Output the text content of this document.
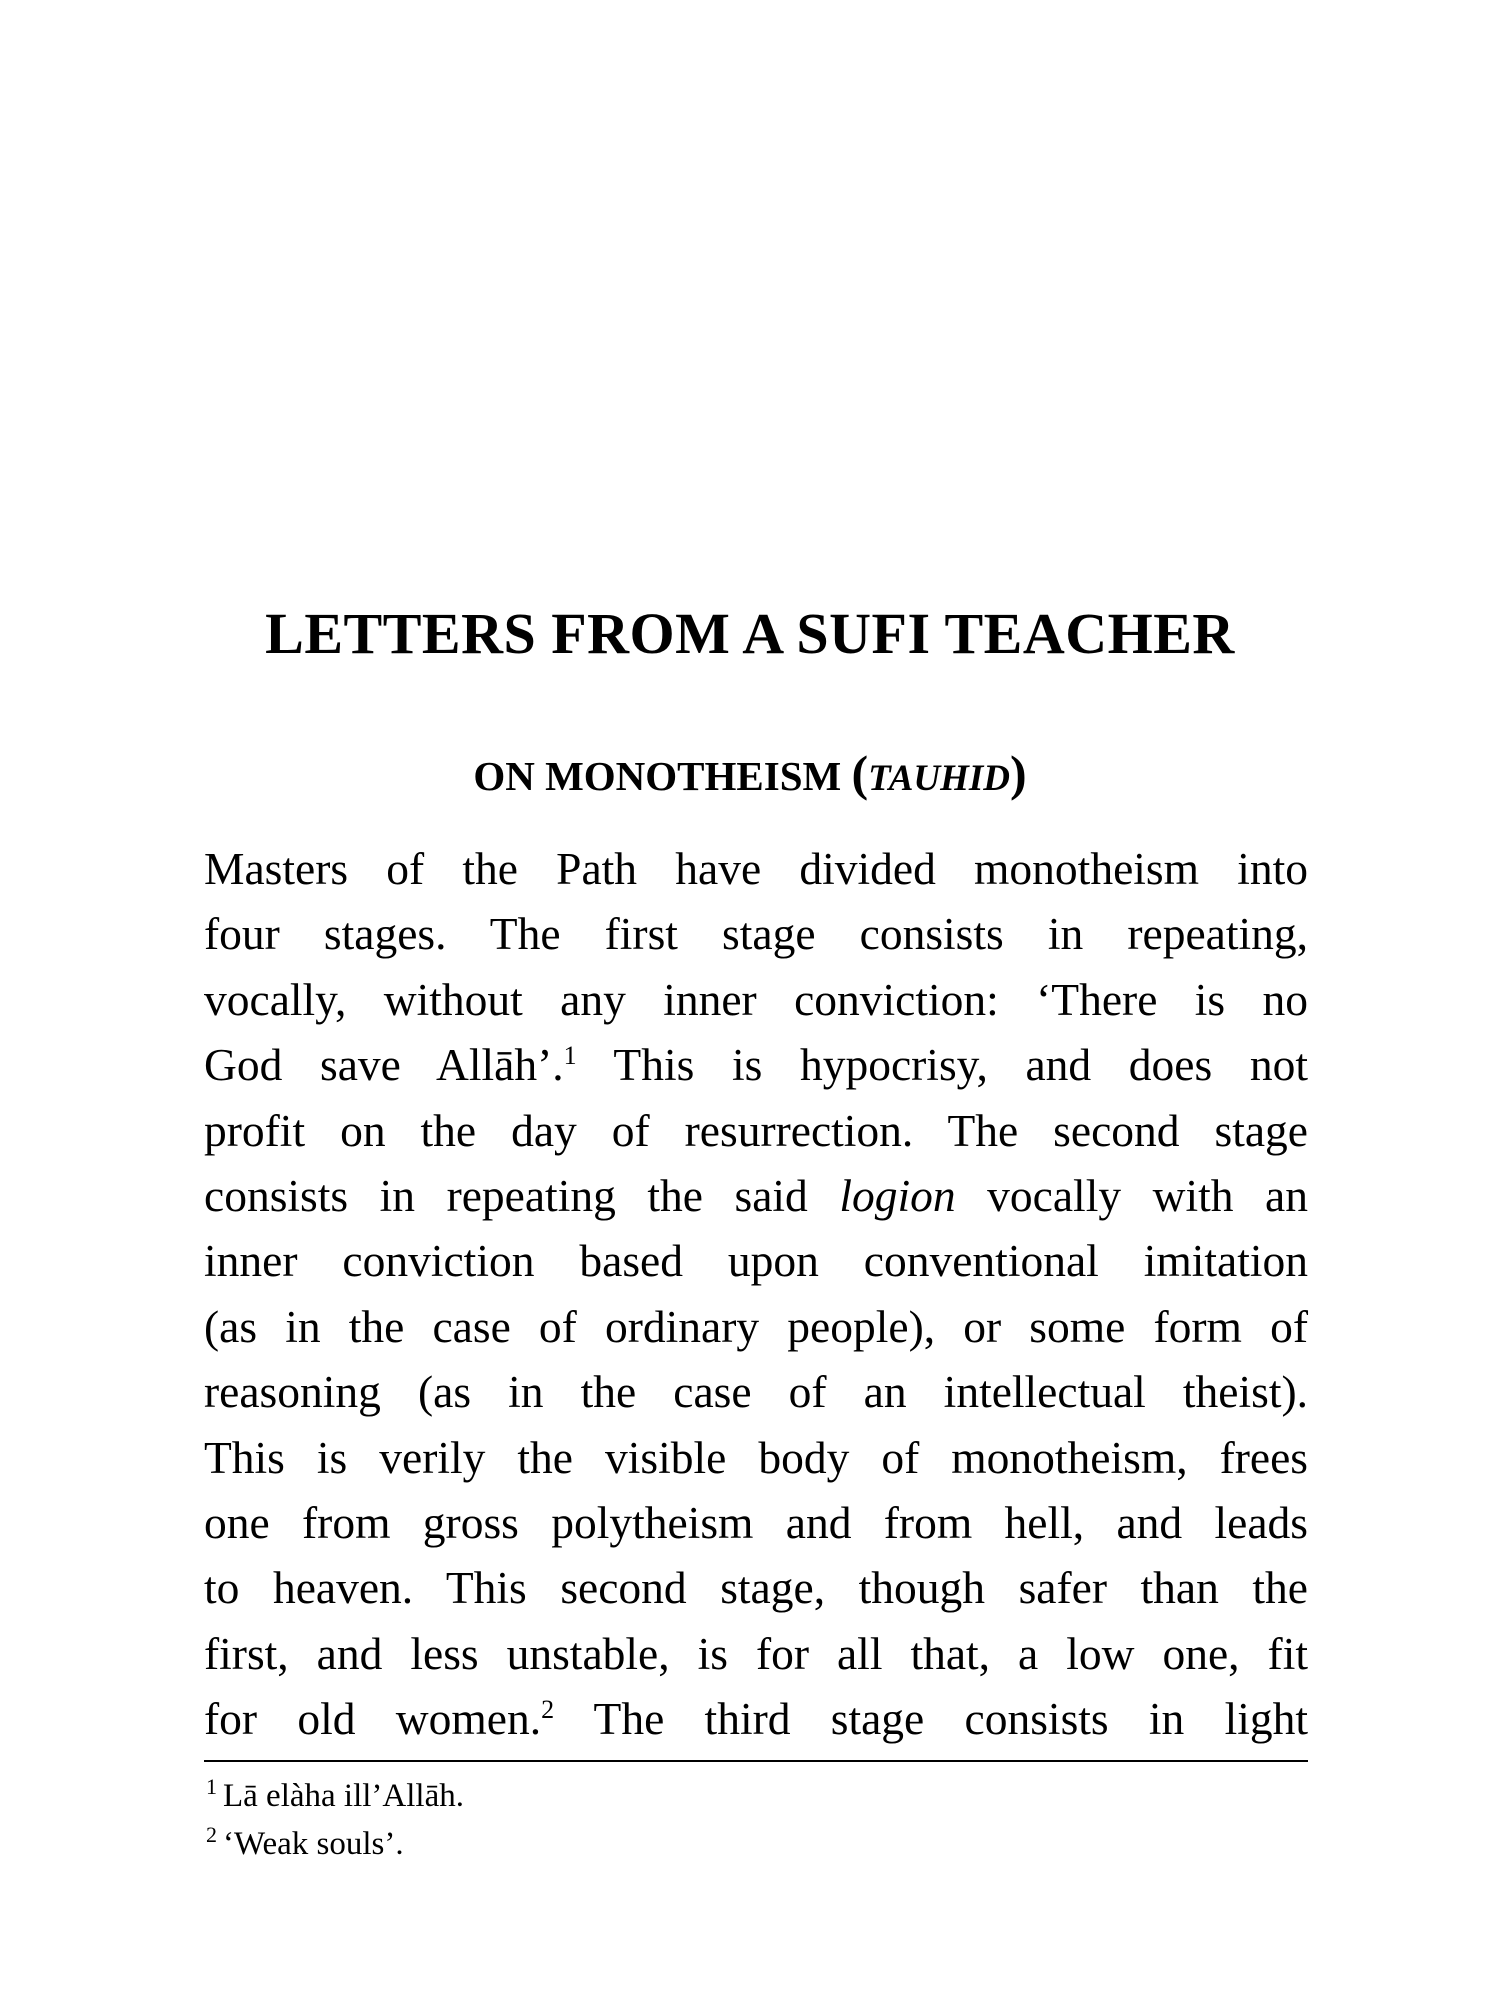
LETTERS FROM A SUFI TEACHER
ON MONOTHEISM (TAUHID)
Masters of the Path have divided monotheism into
four stages. The first stage consists in repeating,
vocally, without any inner conviction: ‘There is no
God save Allāh’.$^1$ This is hypocrisy, and does not
profit on the day of resurrection. The second stage
consists in repeating the said logion vocally with an
inner conviction based upon conventional imitation
(as in the case of ordinary people), or some form of
reasoning (as in the case of an intellectual theist).
This is verily the visible body of monotheism, frees
one from gross polytheism and from hell, and leads
to heaven. This second stage, though safer than the
first, and less unstable, is for all that, a low one, fit
for old women.$^2$ The third stage consists in light
$^1$ Lā elàha ill’Allāh.
$^2$ ‘Weak souls’.
